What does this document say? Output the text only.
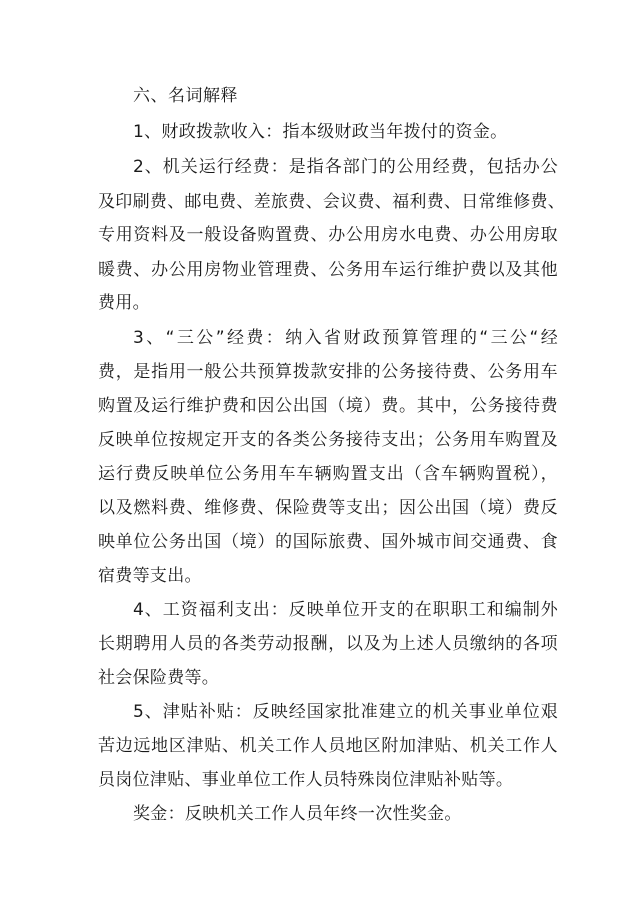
六、名词解释
1、财政拨款收入：指本级财政当年拨付的资金。
2、机关运行经费：是指各部门的公用经费，包括办公
及印刷费、邮电费、差旅费、会议费、福利费、日常维修费、
专用资料及一般设备购置费、办公用房水电费、办公用房取
暖费、办公用房物业管理费、公务用车运行维护费以及其他
费用。
3、“三公”经费：纳入省财政预算管理的“三公“经
费，是指用一般公共预算拨款安排的公务接待费、公务用车
购置及运行维护费和因公出国（境）费。其中，公务接待费
反映单位按规定开支的各类公务接待支出；公务用车购置及
运行费反映单位公务用车车辆购置支出（含车辆购置税），
以及燃料费、维修费、保险费等支出；因公出国（境）费反
映单位公务出国（境）的国际旅费、国外城市间交通费、食
宿费等支出。
4、工资福利支出：反映单位开支的在职职工和编制外
长期聘用人员的各类劳动报酬，以及为上述人员缴纳的各项
社会保险费等。
5、津贴补贴：反映经国家批准建立的机关事业单位艰
苦边远地区津贴、机关工作人员地区附加津贴、机关工作人
员岗位津贴、事业单位工作人员特殊岗位津贴补贴等。
奖金：反映机关工作人员年终一次性奖金。
